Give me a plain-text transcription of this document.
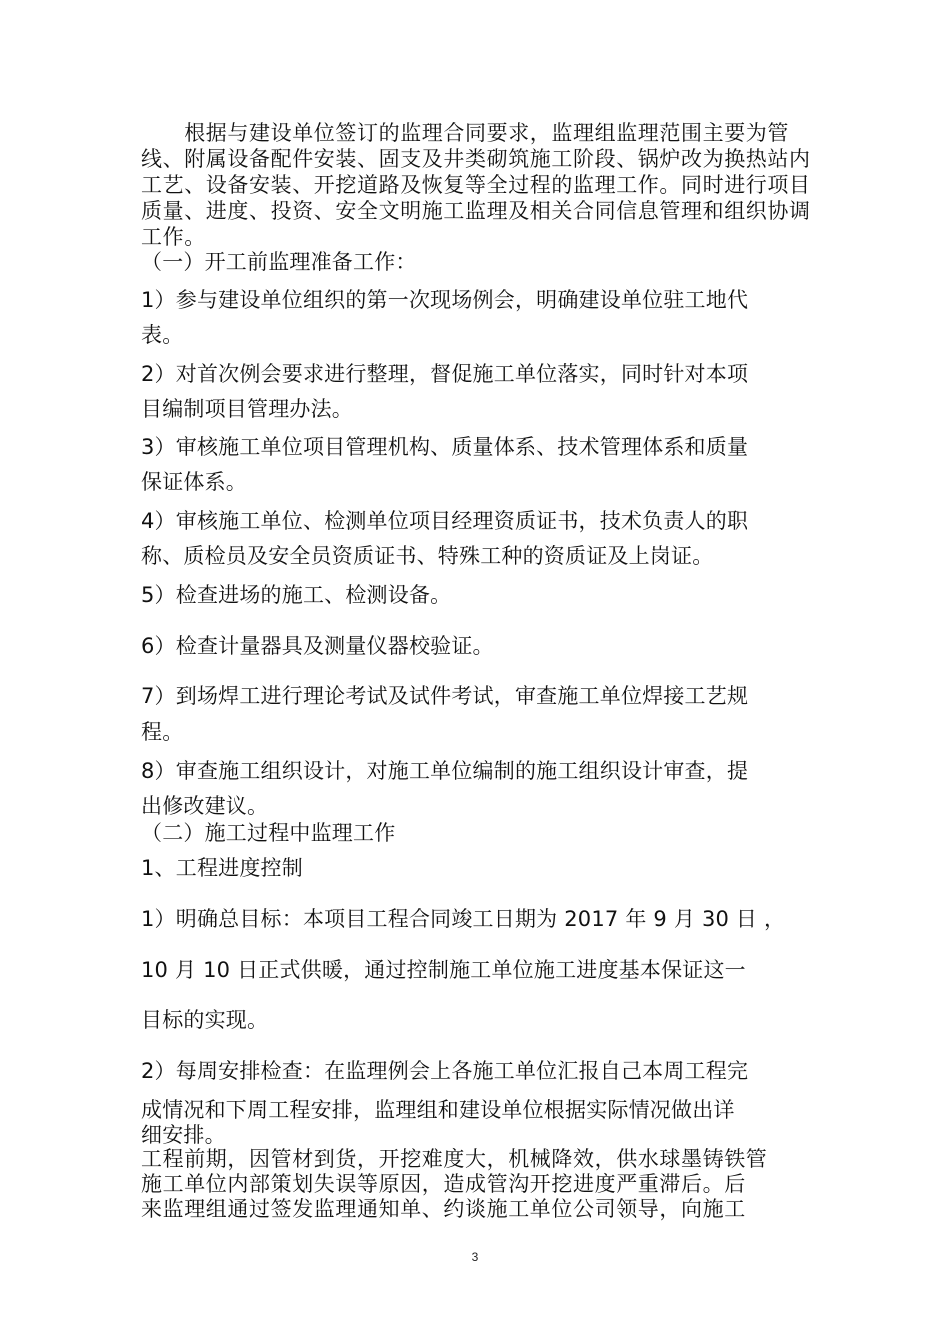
　　根据与建设单位签订的监理合同要求，监理组监理范围主要为管
线、附属设备配件安装、固支及井类砌筑施工阶段、锅炉改为换热站内
工艺、设备安装、开挖道路及恢复等全过程的监理工作。同时进行项目
质量、进度、投资、安全文明施工监理及相关合同信息管理和组织协调
工作。
（一）开工前监理准备工作：
1）参与建设单位组织的第一次现场例会，明确建设单位驻工地代
表。
2）对首次例会要求进行整理，督促施工单位落实，同时针对本项
目编制项目管理办法。
3）审核施工单位项目管理机构、质量体系、技术管理体系和质量
保证体系。
4）审核施工单位、检测单位项目经理资质证书，技术负责人的职
称、质检员及安全员资质证书、特殊工种的资质证及上岗证。
5）检查进场的施工、检测设备。
6）检查计量器具及测量仪器校验证。
7）到场焊工进行理论考试及试件考试，审查施工单位焊接工艺规
程。
8）审查施工组织设计，对施工单位编制的施工组织设计审查，提
出修改建议。
（二）施工过程中监理工作
1、工程进度控制
1）明确总目标：本项目工程合同竣工日期为 2017 年 9 月 30 日 ，
10 月 10 日正式供暖，通过控制施工单位施工进度基本保证这一
目标的实现。
2）每周安排检查：在监理例会上各施工单位汇报自己本周工程完
成情况和下周工程安排，监理组和建设单位根据实际情况做出详
细安排。
工程前期，因管材到货，开挖难度大，机械降效，供水球墨铸铁管
施工单位内部策划失误等原因，造成管沟开挖进度严重滞后。后
来监理组通过签发监理通知单、约谈施工单位公司领导，向施工
3
